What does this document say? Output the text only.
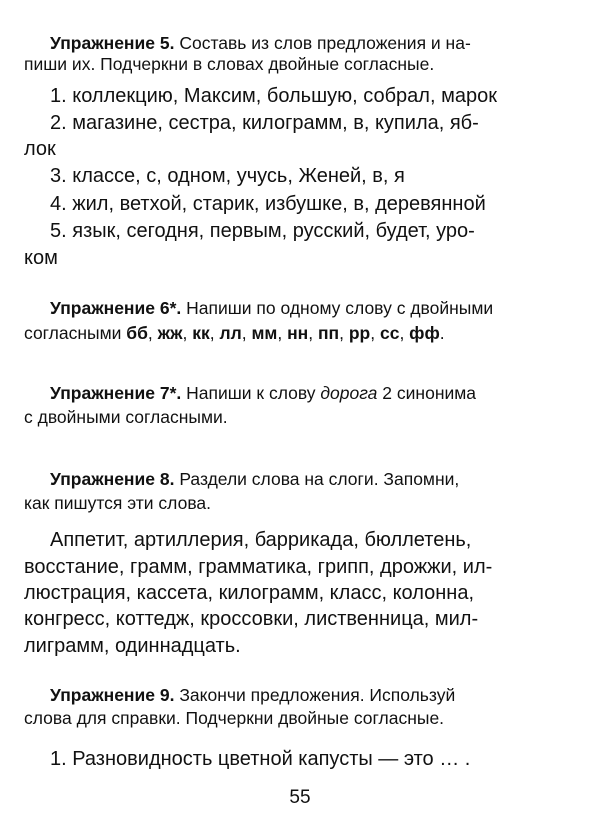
Упражнение 5. Составь из слов предложения и на-
пиши их. Подчеркни в словах двойные согласные.
1. коллекцию, Максим, большую, собрал, марок
2. магазине, сестра, килограмм, в, купила, яб-
лок
3. классе, с, одном, учусь, Женей, в, я
4. жил, ветхой, старик, избушке, в, деревянной
5. язык, сегодня, первым, русский, будет, уро-
ком
Упражнение 6*. Напиши по одному слову с двойными
согласными бб, жж, кк, лл, мм, нн, пп, рр, сс, фф.
Упражнение 7*. Напиши к слову дорога 2 синонима
с двойными согласными.
Упражнение 8. Раздели слова на слоги. Запомни,
как пишутся эти слова.
Аппетит, артиллерия, баррикада, бюллетень,
восстание, грамм, грамматика, грипп, дрожжи, ил-
люстрация, кассета, килограмм, класс, колонна,
конгресс, коттедж, кроссовки, лиственница, мил-
лиграмм, одиннадцать.
Упражнение 9. Закончи предложения. Используй
слова для справки. Подчеркни двойные согласные.
1. Разновидность цветной капусты — это … .
55
